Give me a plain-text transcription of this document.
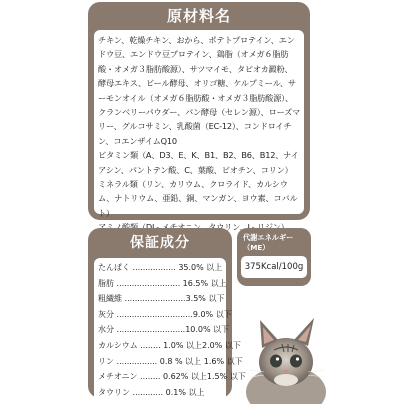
原材料名

チキン、乾燥チキン、おから、ポテトプロテイン、エンドウ豆、エンドウ豆プロテイン、鶏脂（オメガ６脂肪酸・オメガ３脂肪酸源）、サツマイモ、タピオカ澱粉、酵母エキス、ビール酵母、オリゴ糖、ケルプミール、サーモンオイル（オメガ６脂肪酸・オメガ３脂肪酸源）、クランベリーパウダー、パン酵母（セレン源）、ローズマリー、グルコサミン、乳酸菌（EC-12）、コンドロイチン、コエンザイムQ10

ビタミン類（A、D3、E、K、B1、B2、B6、B12、ナイアシン、パントテン酸、C、葉酸、ビオチン、コリン）

ミネラル類（リン、カリウム、クロライド、カルシウム、ナトリウム、亜鉛、銅、マンガン、ヨウ素、コバルト）

保証成分
たんぱく ................. 35.0% 以上
脂肪 ......................... 16.5% 以上
粗繊維 ........................3.5% 以下
灰分 ..............................9.0% 以下
水分 ...........................10.0% 以下
カルシウム ........ 1.0% 以上2.0% 以下
リン ................ 0.8 % 以上 1.6% 以下
メチオニン ........ 0.62% 以上1.5% 以下
タウリン ............ 0.1% 以上
代謝エネルギー（ME）
375Kcal/100g
